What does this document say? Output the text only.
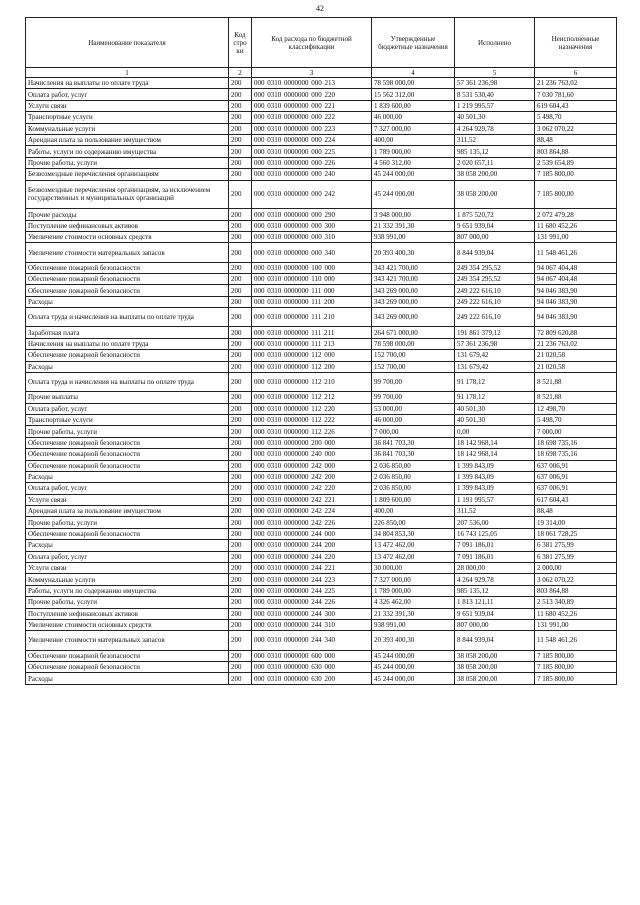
42
Наименование показателя	Код стро ки	Код расхода по бюджетной классификации	Утвержденные бюджетные назначения	Исполнено	Неисполненные назначения
1	2	3	4	5	6
Начисления на выплаты по оплате труда	200	000 0310 0000000 000 213	78 598 000,00	57 361 236,98	21 236 763,02
Оплата работ, услуг	200	000 0310 0000000 000 220	15 562 312,00	8 531 530,40	7 030 781,60
Услуги связи	200	000 0310 0000000 000 221	1 839 600,00	1 219 995,57	619 604,43
Транспортные услуги	200	000 0310 0000000 000 222	46 000,00	40 501,30	5 498,70
Коммунальные услуги	200	000 0310 0000000 000 223	7 327 000,00	4 264 929,78	3 062 070,22
Арендная плата за пользование имуществом	200	000 0310 0000000 000 224	400,00	311,52	88,48
Работы, услуги по содержанию имущества	200	000 0310 0000000 000 225	1 789 000,00	985 135,12	803 864,88
Прочие работы, услуги	200	000 0310 0000000 000 226	4 560 312,00	2 020 657,11	2 539 654,89
Безвозмездные перечисления организациям	200	000 0310 0000000 000 240	45 244 000,00	38 058 200,00	7 185 800,00
Безвозмездные перечисления организациям, за исключением государственных и муниципальных организаций	200	000 0310 0000000 000 242	45 244 000,00	38 058 200,00	7 185 800,00
Прочие расходы	200	000 0310 0000000 000 290	3 948 000,00	1 875 520,72	2 072 479,28
Поступление нефинансовых активов	200	000 0310 0000000 000 300	21 332 391,30	9 651 939,04	11 680 452,26
Увеличение стоимости основных средств	200	000 0310 0000000 000 310	938 991,00	807 000,00	131 991,00
Увеличение стоимости материальных запасов	200	000 0310 0000000 000 340	20 393 400,30	8 844 939,04	11 548 461,26
Обеспечение пожарной безопасности	200	000 0310 0000000 100 000	343 421 700,00	249 354 295,52	94 067 404,48
Обеспечение пожарной безопасности	200	000 0310 0000000 110 000	343 421 700,00	249 354 295,52	94 067 404,48
Обеспечение пожарной безопасности	200	000 0310 0000000 111 000	343 269 000,00	249 222 616,10	94 046 383,90
Расходы	200	000 0310 0000000 111 200	343 269 000,00	249 222 616,10	94 046 383,90
Оплата труда и начисления на выплаты по оплате труда	200	000 0310 0000000 111 210	343 269 000,00	249 222 616,10	94 046 383,90
Заработная плата	200	000 0310 0000000 111 211	264 671 000,00	191 861 379,12	72 809 620,88
Начисления на выплаты по оплате труда	200	000 0310 0000000 111 213	78 598 000,00	57 361 236,98	21 236 763,02
Обеспечение пожарной безопасности	200	000 0310 0000000 112 000	152 700,00	131 679,42	21 020,58
Расходы	200	000 0310 0000000 112 200	152 700,00	131 679,42	21 020,58
Оплата труда и начисления на выплаты по оплате труда	200	000 0310 0000000 112 210	99 700,00	91 178,12	8 521,88
Прочие выплаты	200	000 0310 0000000 112 212	99 700,00	91 178,12	8 521,88
Оплата работ, услуг	200	000 0310 0000000 112 220	53 000,00	40 501,30	12 498,70
Транспортные услуги	200	000 0310 0000000 112 222	46 000,00	40 501,30	5 498,70
Прочие работы, услуги	200	000 0310 0000000 112 226	7 000,00	0,00	7 000,00
Обеспечение пожарной безопасности	200	000 0310 0000000 200 000	36 841 703,30	18 142 968,14	18 698 735,16
Обеспечение пожарной безопасности	200	000 0310 0000000 240 000	36 841 703,30	18 142 968,14	18 698 735,16
Обеспечение пожарной безопасности	200	000 0310 0000000 242 000	2 036 850,00	1 399 843,09	637 006,91
Расходы	200	000 0310 0000000 242 200	2 036 850,00	1 399 843,09	637 006,91
Оплата работ, услуг	200	000 0310 0000000 242 220	2 036 850,00	1 399 843,09	637 006,91
Услуги связи	200	000 0310 0000000 242 221	1 809 600,00	1 191 995,57	617 604,43
Арендная плата за пользование имуществом	200	000 0310 0000000 242 224	400,00	311,52	88,48
Прочие работы, услуги	200	000 0310 0000000 242 226	226 850,00	207 536,00	19 314,00
Обеспечение пожарной безопасности	200	000 0310 0000000 244 000	34 804 853,30	16 743 125,05	18 061 728,25
Расходы	200	000 0310 0000000 244 200	13 472 462,00	7 091 186,01	6 381 275,99
Оплата работ, услуг	200	000 0310 0000000 244 220	13 472 462,00	7 091 186,01	6 381 275,99
Услуги связи	200	000 0310 0000000 244 221	30 000,00	28 000,00	2 000,00
Коммунальные услуги	200	000 0310 0000000 244 223	7 327 000,00	4 264 929,78	3 062 070,22
Работы, услуги по содержанию имущества	200	000 0310 0000000 244 225	1 789 000,00	985 135,12	803 864,88
Прочие работы, услуги	200	000 0310 0000000 244 226	4 326 462,00	1 813 121,11	2 513 340,89
Поступление нефинансовых активов	200	000 0310 0000000 244 300	21 332 391,30	9 651 939,04	11 680 452,26
Увеличение стоимости основных средств	200	000 0310 0000000 244 310	938 991,00	807 000,00	131 991,00
Увеличение стоимости материальных запасов	200	000 0310 0000000 244 340	20 393 400,30	8 844 939,04	11 548 461,26
Обеспечение пожарной безопасности	200	000 0310 0000000 600 000	45 244 000,00	38 058 200,00	7 185 800,00
Обеспечение пожарной безопасности	200	000 0310 0000000 630 000	45 244 000,00	38 058 200,00	7 185 800,00
Расходы	200	000 0310 0000000 630 200	45 244 000,00	38 058 200,00	7 185 800,00
